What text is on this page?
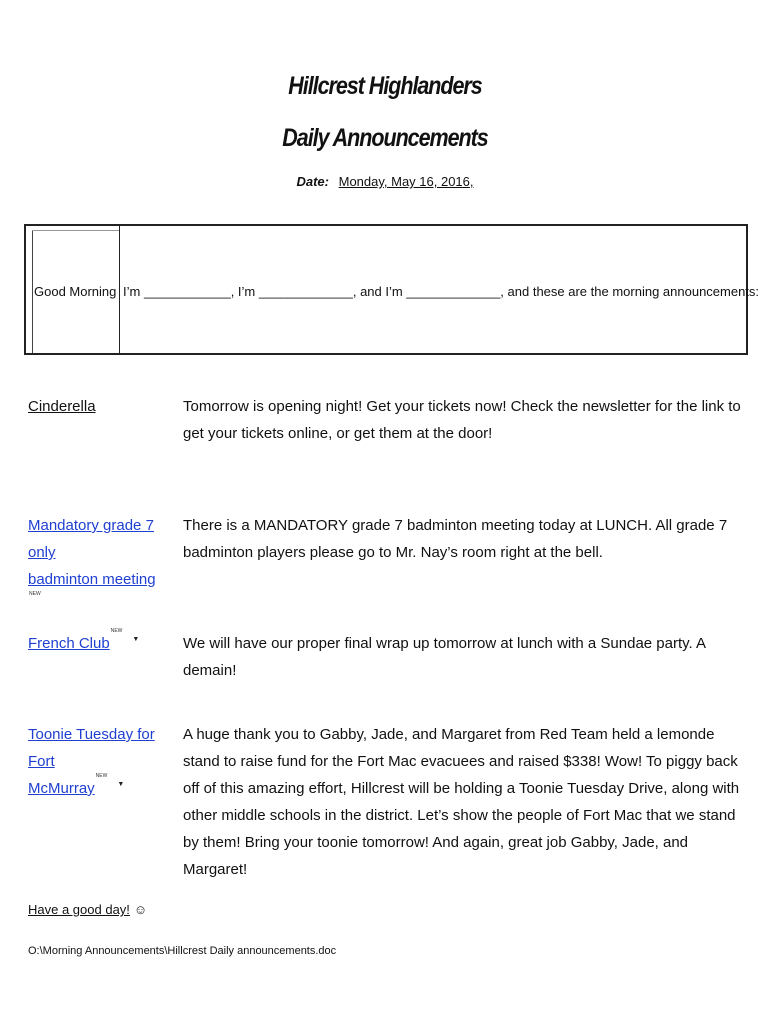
Hillcrest Highlanders
Daily Announcements
Date: Monday, May 16, 2016,
Good Morning I’m ____________, I’m _____________, and I’m _____________, and these are the morning announcements:
Cinderella	Tomorrow is opening night! Get your tickets now! Check the newsletter for the link to get your tickets online, or get them at the door!
Mandatory grade 7 only
badminton meetingNEW
There is a MANDATORY grade 7 badminton meeting today at LUNCH. All grade 7 badminton players please go to Mr. Nay’s room right at the bell.
French ClubNEW▼	We will have our proper final wrap up tomorrow at lunch with a Sundae party. A demain!
Toonie Tuesday for Fort
McMurrayNEW▼
A huge thank you to Gabby, Jade, and Margaret from Red Team held a lemonde stand to raise fund for the Fort Mac evacuees and raised $338! Wow! To piggy back off of this amazing effort, Hillcrest will be holding a Toonie Tuesday Drive, along with other middle schools in the district. Let’s show the people of Fort Mac that we stand by them! Bring your toonie tomorrow! And again, great job Gabby, Jade, and Margaret!
Have a good day! ☺
O:\Morning Announcements\Hillcrest Daily announcements.doc
